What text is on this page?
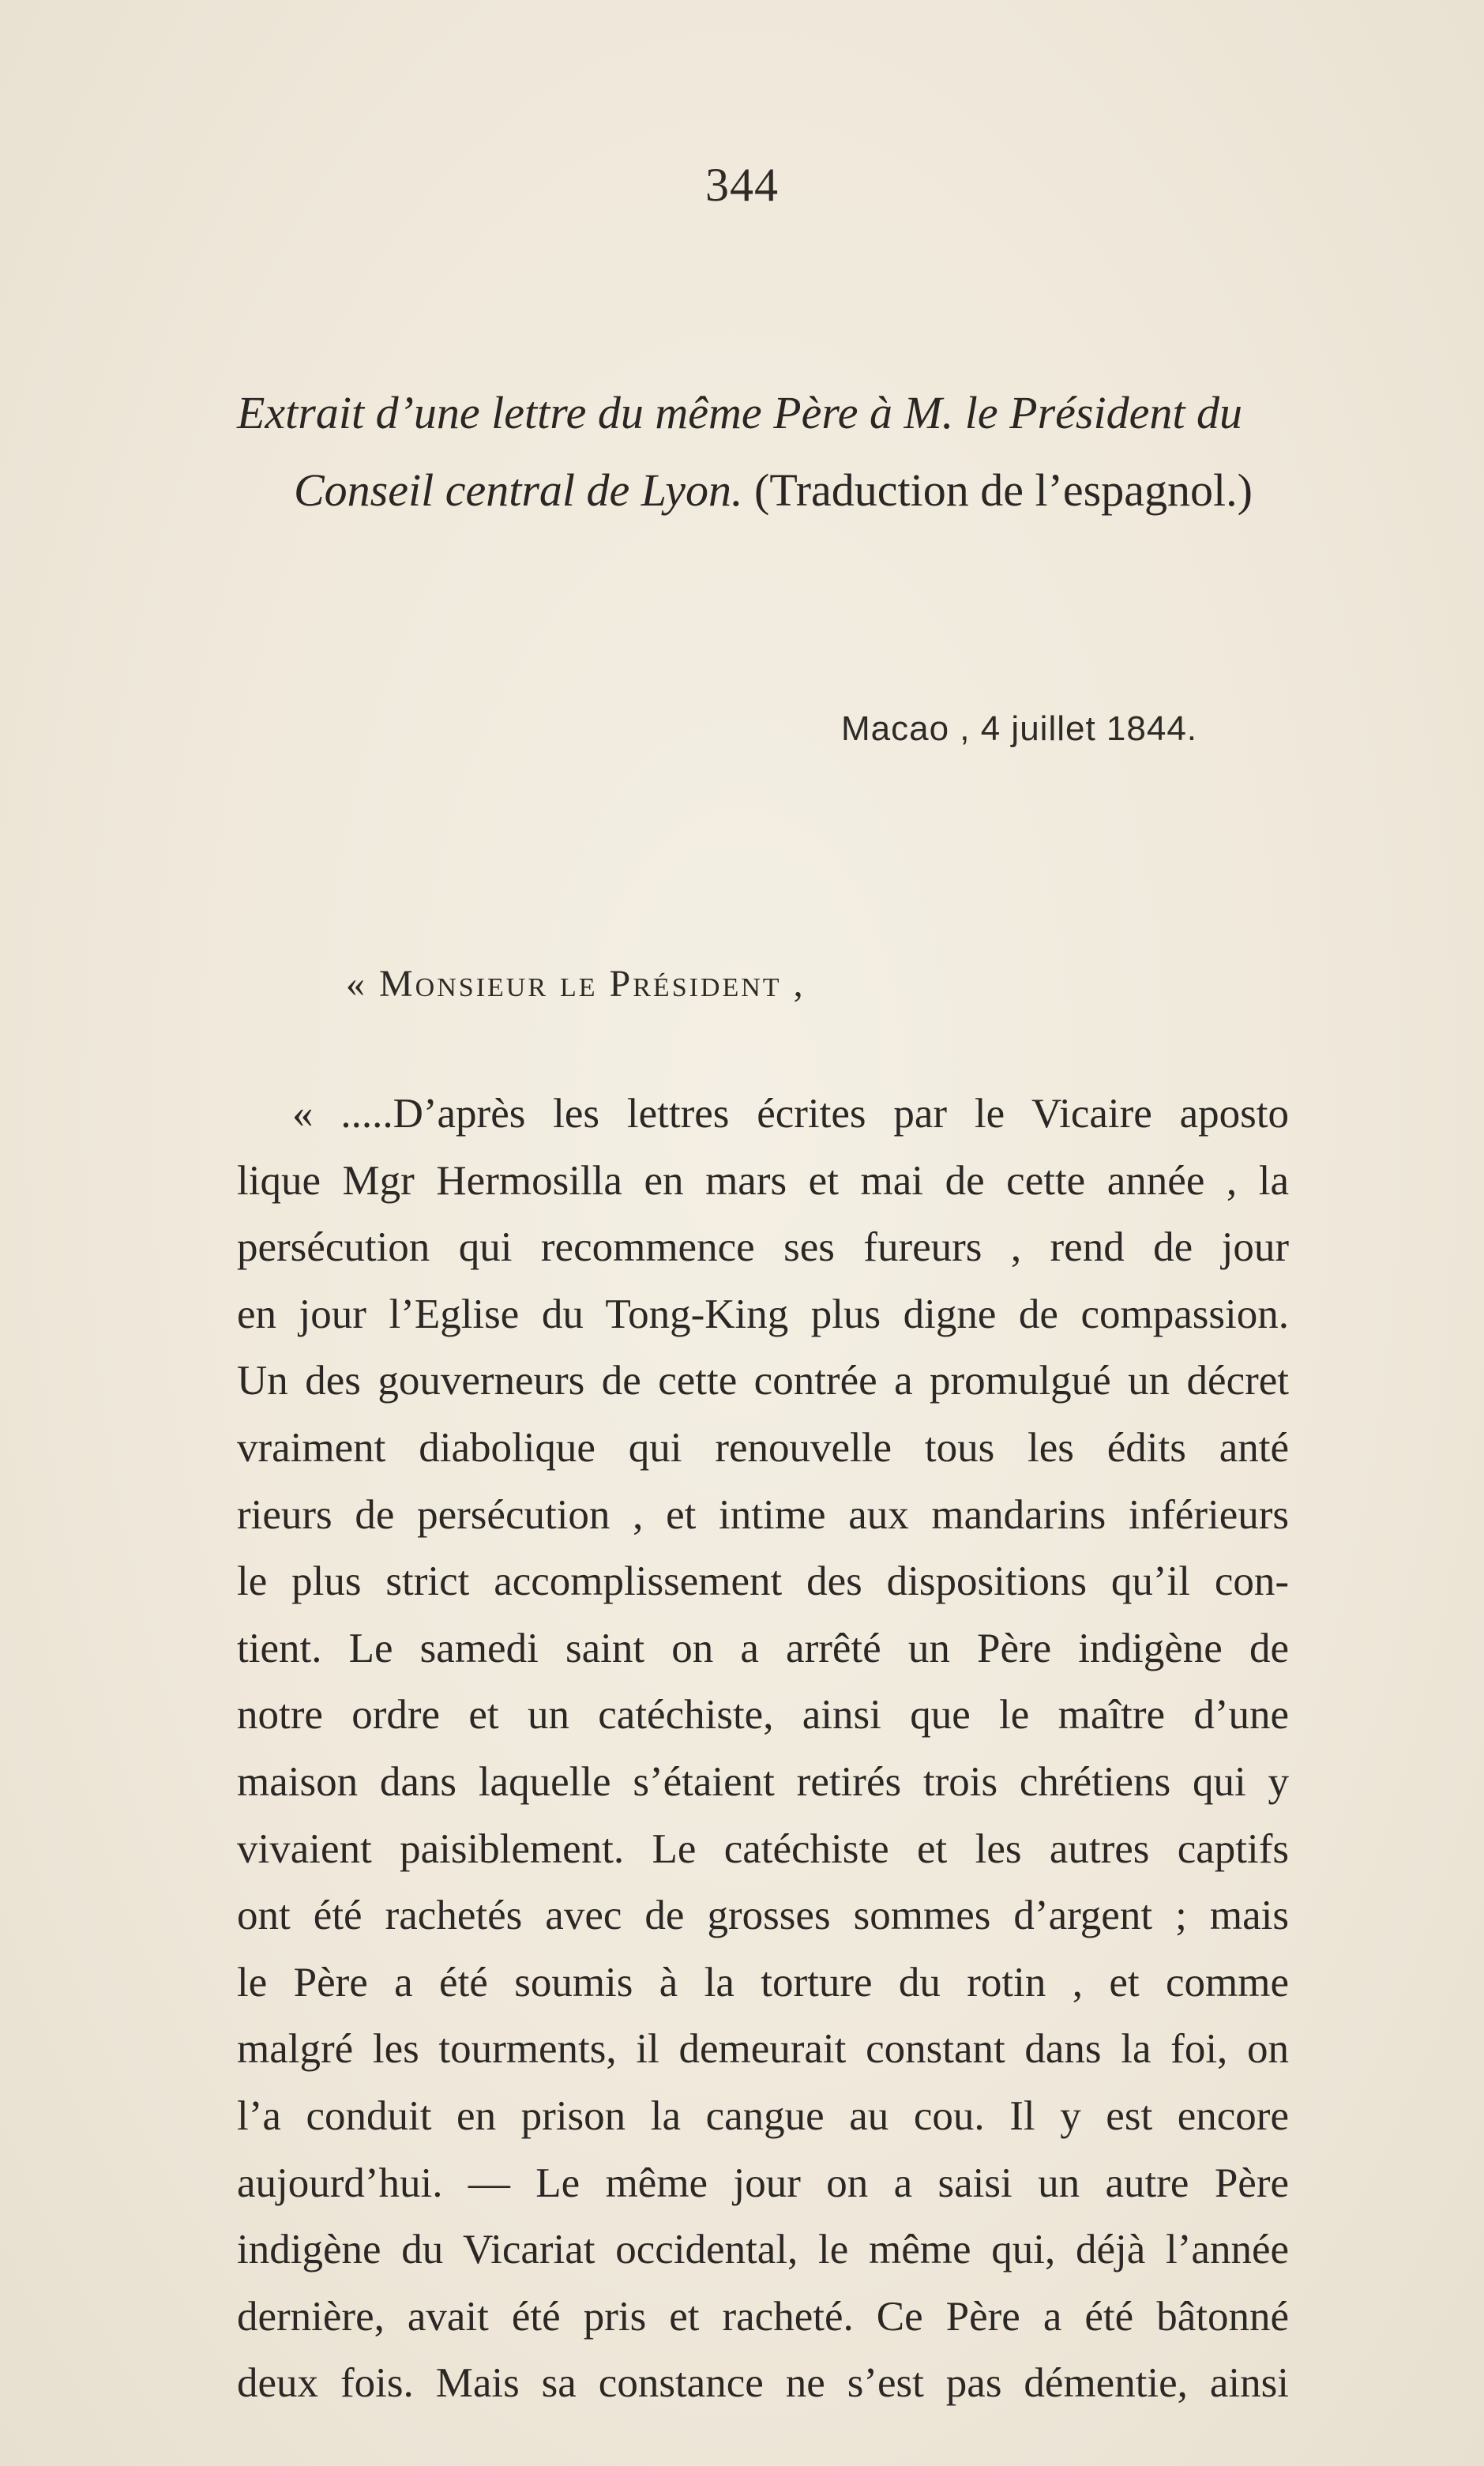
344
Extrait d’une lettre du même Père à M. le Président du
Conseil central de Lyon. (Traduction de l’espagnol.)
Macao , 4 juillet 1844.
« Monsieur le Président ,
« .....D’après les lettres écrites par le Vicaire aposto
lique Mgr Hermosilla en mars et mai de cette année , la
persécution qui recommence ses fureurs , rend de jour
en jour l’Eglise du Tong-King plus digne de compassion.
Un des gouverneurs de cette contrée a promulgué un décret
vraiment diabolique qui renouvelle tous les édits anté
rieurs de persécution , et intime aux mandarins inférieurs
le plus strict accomplissement des dispositions qu’il con-
tient. Le samedi saint on a arrêté un Père indigène de
notre ordre et un catéchiste, ainsi que le maître d’une
maison dans laquelle s’étaient retirés trois chrétiens qui y
vivaient paisiblement. Le catéchiste et les autres captifs
ont été rachetés avec de grosses sommes d’argent ; mais
le Père a été soumis à la torture du rotin , et comme
malgré les tourments, il demeurait constant dans la foi, on
l’a conduit en prison la cangue au cou. Il y est encore
aujourd’hui. — Le même jour on a saisi un autre Père
indigène du Vicariat occidental, le même qui, déjà l’année
dernière, avait été pris et racheté. Ce Père a été bâtonné
deux fois. Mais sa constance ne s’est pas démentie, ainsi
